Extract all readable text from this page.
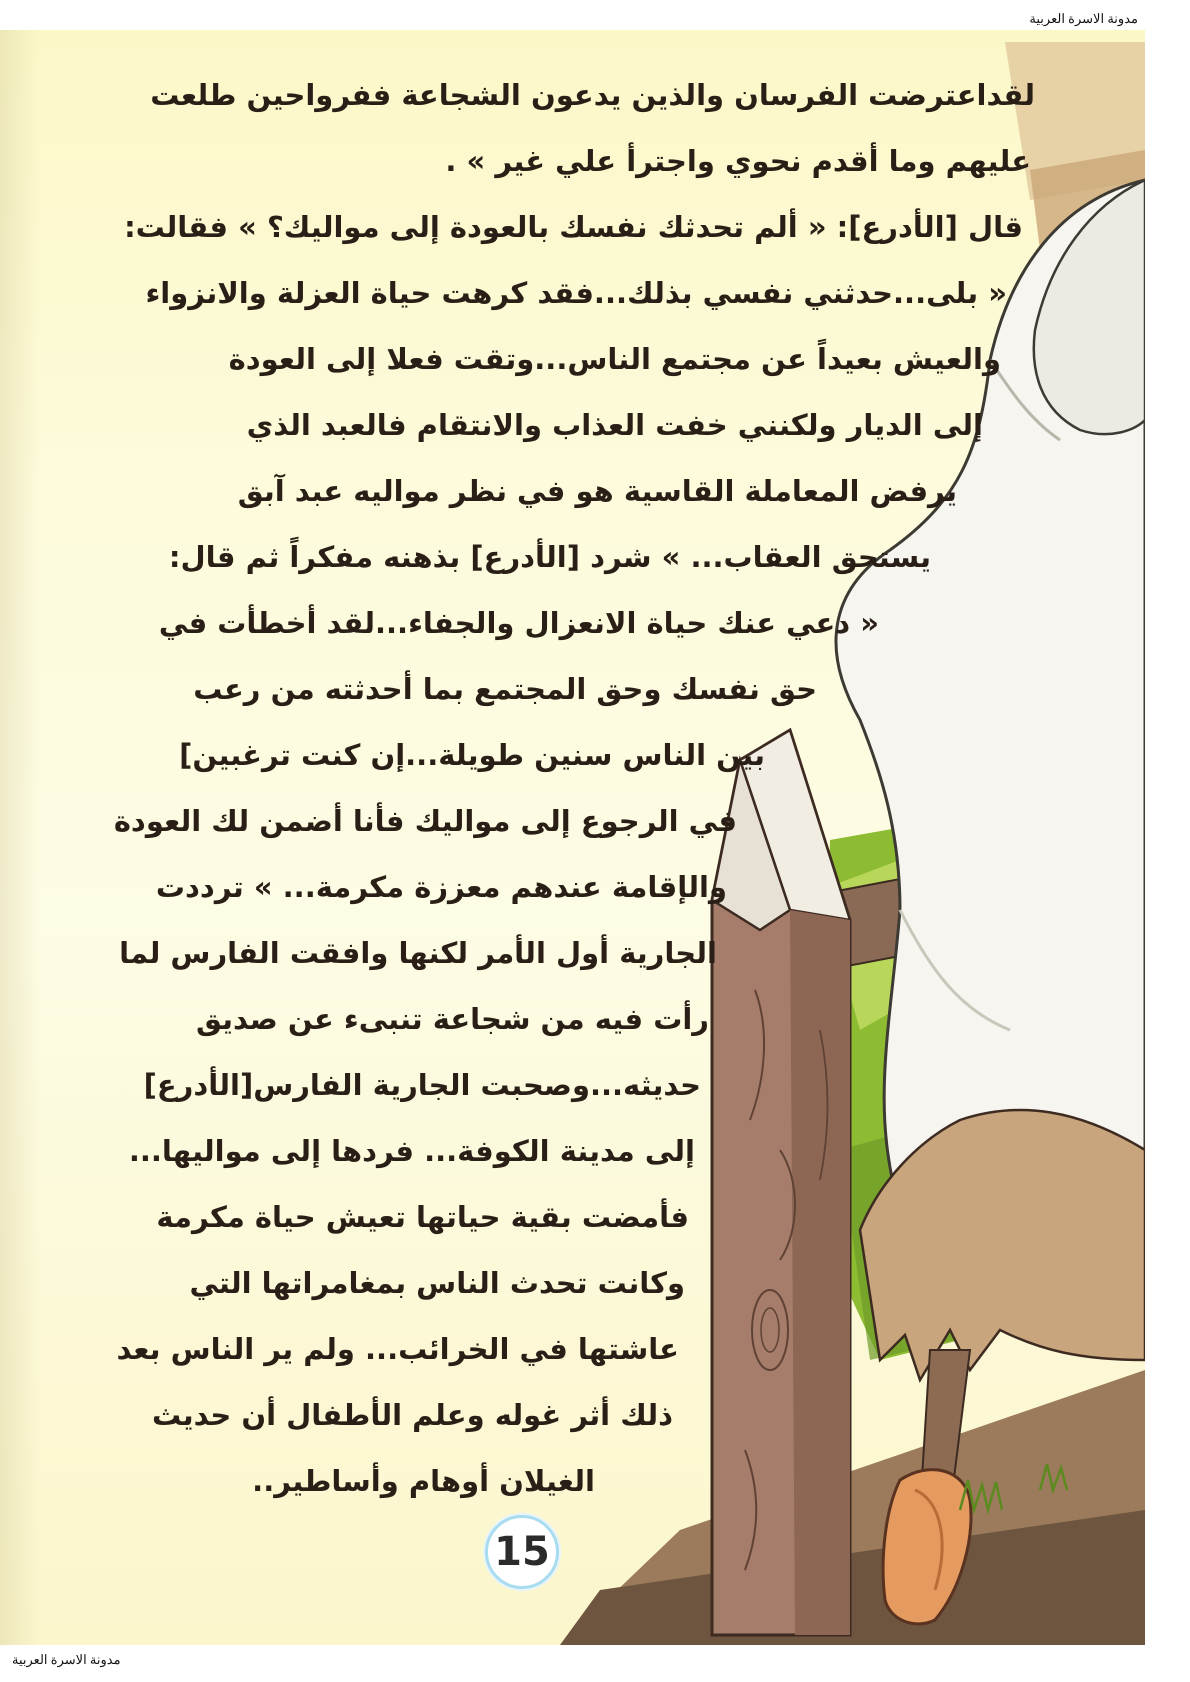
مدونة الاسرة العربية
لقداعترضت الفرسان والذين يدعون الشجاعة ففرواحين طلعت
عليهم وما أقدم نحوي واجترأ علي غير » .
قال [الأدرع]: « ألم تحدثك نفسك بالعودة إلى مواليك؟ » فقالت:
« بلى...حدثني نفسي بذلك...فقد كرهت حياة العزلة والانزواء
والعيش بعيداً عن مجتمع الناس...وتقت فعلا إلى العودة
إلى الديار ولكنني خفت العذاب والانتقام فالعبد الذي
يرفض المعاملة القاسية هو في نظر مواليه عبد آبق
يستحق العقاب... » شرد [الأدرع] بذهنه مفكراً ثم قال:
« دعي عنك حياة الانعزال والجفاء...لقد أخطأت في
حق نفسك وحق المجتمع بما أحدثته من رعب
بين الناس سنين طويلة...إن كنت ترغبين]
في الرجوع إلى مواليك فأنا أضمن لك العودة
والإقامة عندهم معززة مكرمة... » ترددت
الجارية أول الأمر لكنها وافقت الفارس لما
رأت فيه من شجاعة تنبىء عن صديق
حديثه...وصحبت الجارية الفارس[الأدرع]
إلى مدينة الكوفة... فردها إلى مواليها...
فأمضت بقية حياتها تعيش حياة مكرمة
وكانت تحدث الناس بمغامراتها التي
عاشتها في الخرائب... ولم ير الناس بعد
ذلك أثر غوله وعلم الأطفال أن حديث
الغيلان أوهام وأساطير..
15
مدونة الاسرة العربية
